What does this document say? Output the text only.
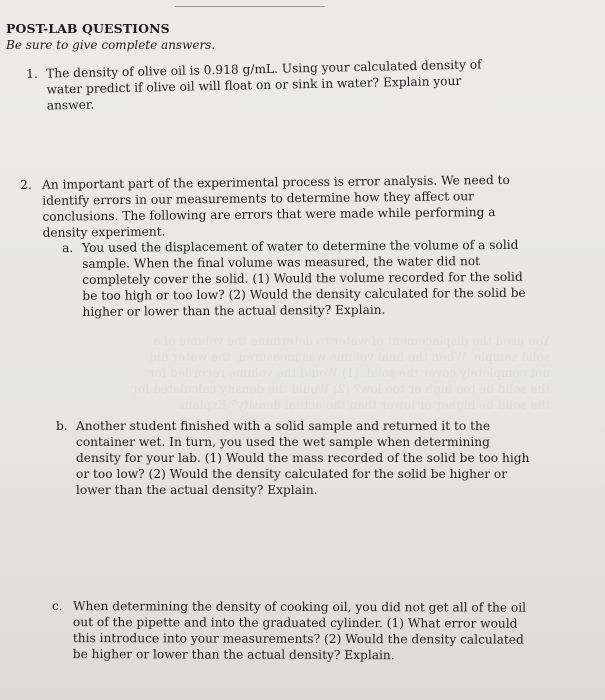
POST-LAB QUESTIONS
Be sure to give complete answers.
1. The density of olive oil is 0.918 g/mL. Using your calculated density of water predict if olive oil will float on or sink in water? Explain your answer.
2. An important part of the experimental process is error analysis. We need to identify errors in our measurements to determine how they affect our conclusions. The following are errors that were made while performing a density experiment.
a. You used the displacement of water to determine the volume of a solid sample. When the final volume was measured, the water did not completely cover the solid. (1) Would the volume recorded for the solid be too high or too low? (2) Would the density calculated for the solid be higher or lower than the actual density? Explain.
b. Another student finished with a solid sample and returned it to the container wet. In turn, you used the wet sample when determining density for your lab. (1) Would the mass recorded of the solid be too high or too low? (2) Would the density calculated for the solid be higher or lower than the actual density? Explain.
c. When determining the density of cooking oil, you did not get all of the oil out of the pipette and into the graduated cylinder. (1) What error would this introduce into your measurements? (2) Would the density calculated be higher or lower than the actual density? Explain.
